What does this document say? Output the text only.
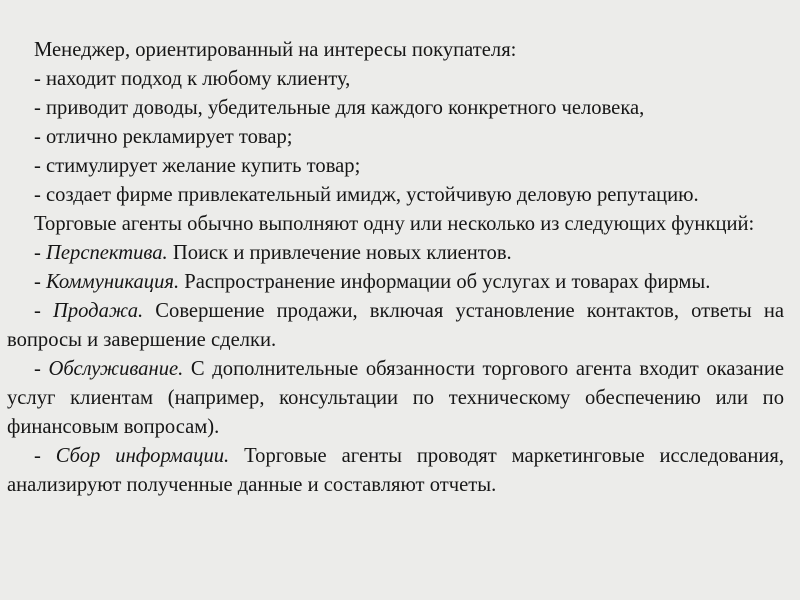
Менеджер, ориентированный на интересы покупателя:

- находит подход к любому клиенту,

- приводит доводы, убедительные для каждого конкретного человека,

- отлично рекламирует товар;

- стимулирует желание купить товар;

- создает фирме привлекательный имидж, устойчивую деловую репутацию.

Торговые агенты обычно выполняют одну или несколько из следующих функций:

- Перспектива. Поиск и привлечение новых клиентов.

- Коммуникация. Распространение информации об услугах и товарах фирмы.

- Продажа. Совершение продажи, включая установление контактов, ответы на вопросы и завершение сделки.

- Обслуживание. С дополнительные обязанности торгового агента входит оказание услуг клиентам (например, консультации по техническому обеспечению или по финансовым вопросам).

- Сбор информации. Торговые агенты проводят маркетинговые исследования, анализируют полученные данные и составляют отчеты.
